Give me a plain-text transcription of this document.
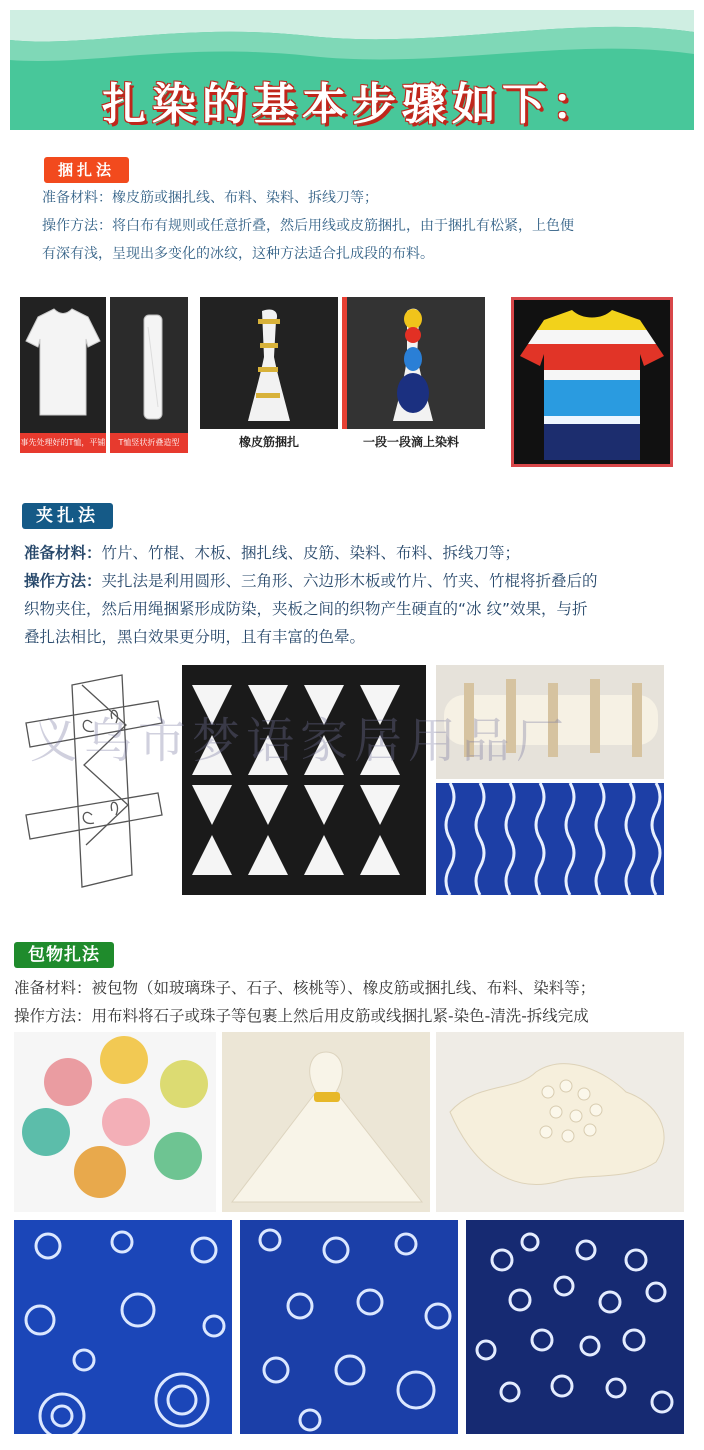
扎染的基本步骤如下：
捆扎法
准备材料：橡皮筋或捆扎线、布料、染料、拆线刀等；
操作方法：将白布有规则或任意折叠，然后用线或皮筋捆扎，由于捆扎有松紧，上色便
有深有浅，呈现出多变化的冰纹，这种方法适合扎成段的布料。
事先处理好的T恤，平铺	T恤竖状折叠造型	橡皮筋捆扎	一段一段滴上染料
夹扎法
准备材料：竹片、竹棍、木板、捆扎线、皮筋、染料、布料、拆线刀等；
操作方法：夹扎法是利用圆形、三角形、六边形木板或竹片、竹夹、竹棍将折叠后的
织物夹住，然后用绳捆紧形成防染，夹板之间的织物产生硬直的“冰 纹”效果，与折
叠扎法相比，黑白效果更分明，且有丰富的色晕。
义乌市梦语家居用品厂
包物扎法
准备材料：被包物（如玻璃珠子、石子、核桃等）、橡皮筋或捆扎线、布料、染料等；
操作方法：用布料将石子或珠子等包裹上然后用皮筋或线捆扎紧-染色-清洗-拆线完成
